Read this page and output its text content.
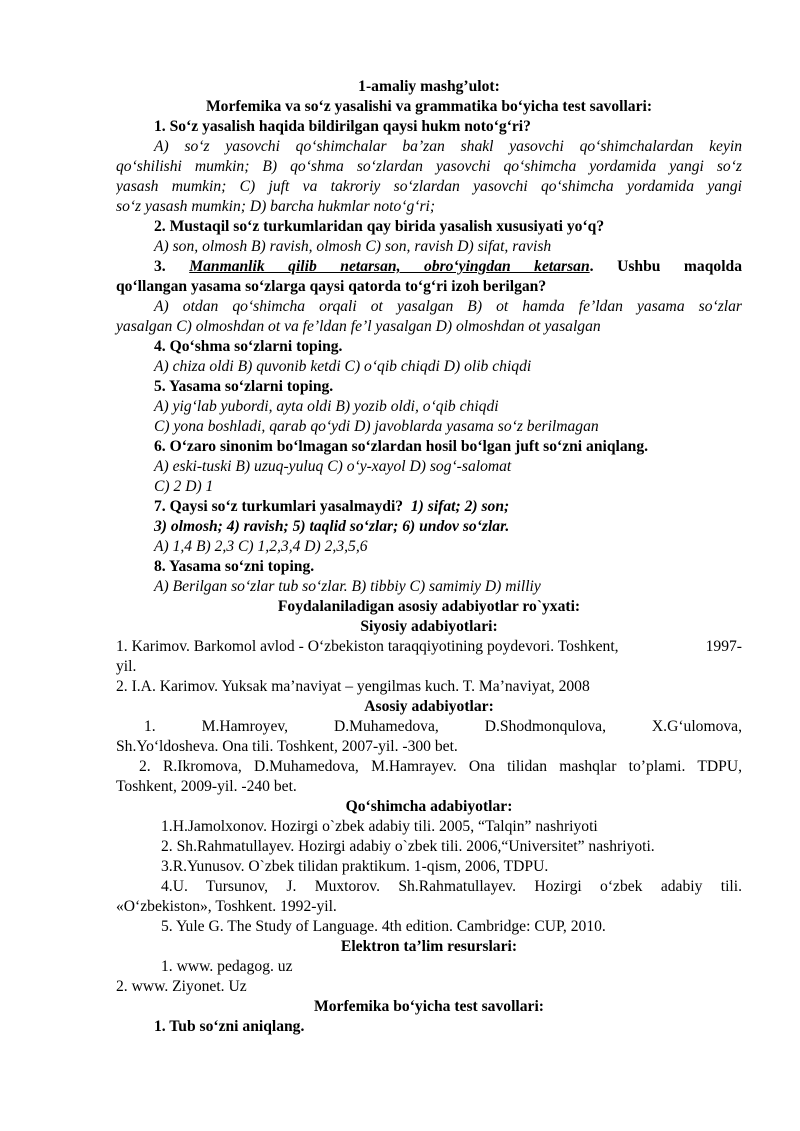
1-amaliy mashg’ulot:
Morfemika va so‘z yasalishi va grammatika bo‘yicha test savollari:
1. So‘z yasalish haqida bildirilgan qaysi hukm noto‘g‘ri?
A) so‘z yasovchi qo‘shimchalar ba’zan shakl yasovchi qo‘shimchalardan keyin
qo‘shilishi mumkin; B) qo‘shma so‘zlardan yasovchi qo‘shimcha yordamida yangi so‘z
yasash mumkin; C) juft va takroriy so‘zlardan yasovchi qo‘shimcha yordamida yangi
so‘z yasash mumkin; D) barcha hukmlar noto‘g‘ri;
2. Mustaqil so‘z turkumlaridan qay birida yasalish xususiyati yo‘q?
A) son, olmosh B) ravish, olmosh C) son, ravish D) sifat, ravish
3. Manmanlik qilib netarsan, obro‘yingdan ketarsan. Ushbu maqolda
qo‘llangan yasama so‘zlarga qaysi qatorda to‘g‘ri izoh berilgan?
A) otdan qo‘shimcha orqali ot yasalgan B) ot hamda fe’ldan yasama so‘zlar
yasalgan C) olmoshdan ot va fe’ldan fe’l yasalgan D) olmoshdan ot yasalgan
4. Qo‘shma so‘zlarni toping.
A) chiza oldi B) quvonib ketdi C) o‘qib chiqdi D) olib chiqdi
5. Yasama so‘zlarni toping.
A) yig‘lab yubordi, ayta oldi B) yozib oldi, o‘qib chiqdi
C) yona boshladi, qarab qo‘ydi D) javoblarda yasama so‘z berilmagan
6. O‘zaro sinonim bo‘lmagan so‘zlardan hosil bo‘lgan juft so‘zni aniqlang.
A) eski-tuski B) uzuq-yuluq C) o‘y-xayol D) sog‘-salomat
C) 2 D) 1
7. Qaysi so‘z turkumlari yasalmaydi? 1) sifat; 2) son;
3) olmosh; 4) ravish; 5) taqlid so‘zlar; 6) undov so‘zlar.
A) 1,4 B) 2,3 C) 1,2,3,4 D) 2,3,5,6
8. Yasama so‘zni toping.
A) Berilgan so‘zlar tub so‘zlar. B) tibbiy C) samimiy D) milliy
Foydalaniladigan asosiy adabiyotlar ro`yxati:
Siyosiy adabiyotlari:
1. Karimov. Barkomol avlod - O‘zbekiston taraqqiyotining poydevori. Toshkent,	1997-
yil.
2. I.A. Karimov. Yuksak ma’naviyat – yengilmas kuch. T. Ma’naviyat, 2008
Asosiy adabiyotlar:
1.	M.Hamroyev,	D.Muhamedova,	D.Shodmonqulova,	X.G‘ulomova,
Sh.Yo‘ldosheva. Ona tili. Toshkent, 2007-yil. -300 bet.
2. R.Ikromova, D.Muhamedova, M.Hamrayev. Ona tilidan mashqlar to’plami. TDPU,
Toshkent, 2009-yil. -240 bet.
Qo‘shimcha adabiyotlar:
1.H.Jamolxonov. Hozirgi o`zbek adabiy tili. 2005, “Talqin” nashriyoti
2. Sh.Rahmatullayev. Hozirgi adabiy o`zbek tili. 2006,“Universitet” nashriyoti.
3.R.Yunusov. O`zbek tilidan praktikum. 1-qism, 2006, TDPU.
4.U. Tursunov, J. Muxtorov. Sh.Rahmatullayev. Hozirgi o‘zbek adabiy tili.
«O‘zbekiston», Toshkent. 1992-yil.
5. Yule G. The Study of Language. 4th edition. Cambridge: CUP, 2010.
Elektron ta’lim resurslari:
1. www. pedagog. uz
2. www. Ziyonet. Uz
Morfemika bo‘yicha test savollari:
1. Tub so‘zni aniqlang.
